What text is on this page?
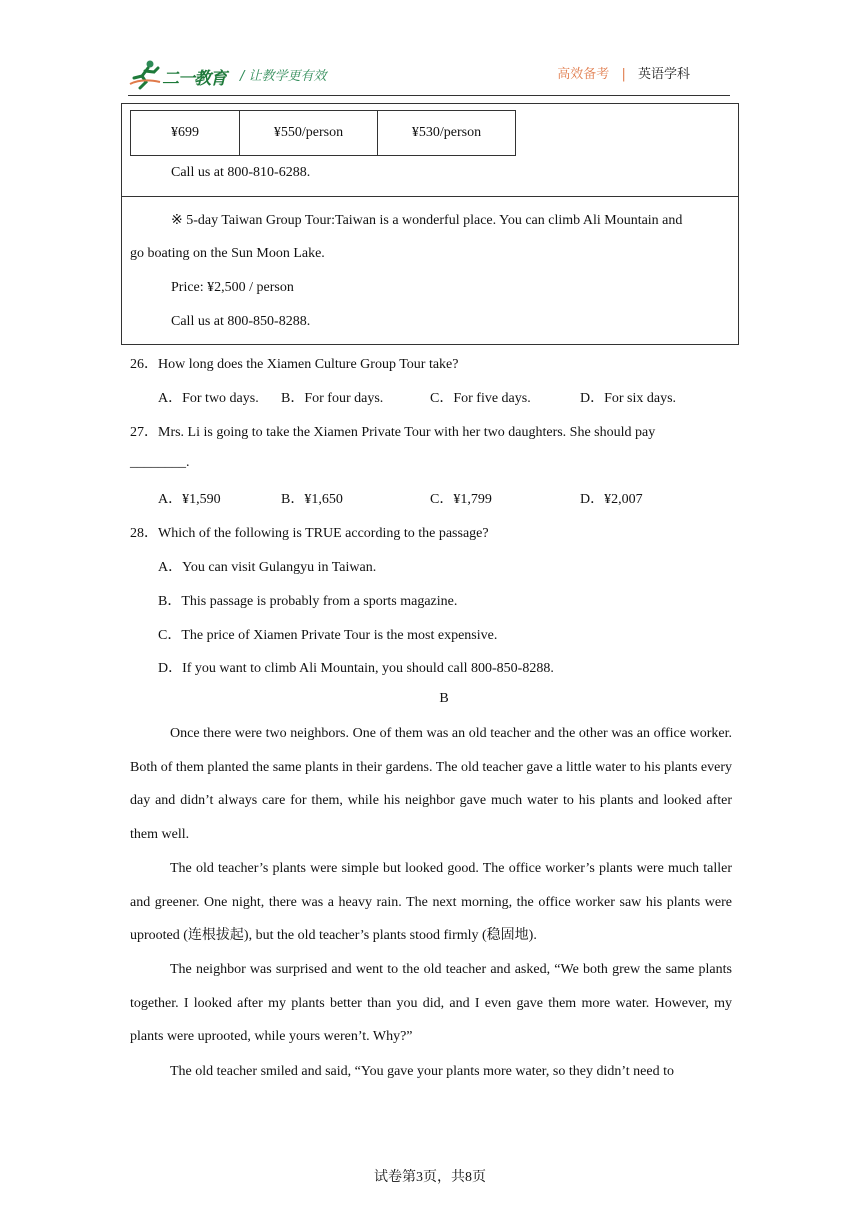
二一教育 / 让教学更有效	高效备考 | 英语学科
¥699	¥550/person	¥530/person

Call us at 800-810-6288.

※ 5-day Taiwan Group Tour:Taiwan is a wonderful place. You can climb Ali Mountain and

go boating on the Sun Moon Lake.

Price: ¥2,500 / person

Call us at 800-850-8288.

26．How long does the Xiamen Culture Group Tour take?

A．For two days. B．For four days.	C．For five days.	D．For six days.

27．Mrs. Li is going to take the Xiamen Private Tour with her two daughters. She should pay

________.

A．¥1,590	B．¥1,650	C．¥1,799	D．¥2,007

28．Which of the following is TRUE according to the passage?

A．You can visit Gulangyu in Taiwan.

B．This passage is probably from a sports magazine.

C．The price of Xiamen Private Tour is the most expensive.

D．If you want to climb Ali Mountain, you should call 800-850-8288.

B

Once there were two neighbors. One of them was an old teacher and the other was an office worker. Both of them planted the same plants in their gardens. The old teacher gave a little water to his plants every day and didn’t always care for them, while his neighbor gave much water to his plants and looked after them well.

The old teacher’s plants were simple but looked good. The office worker’s plants were much taller and greener. One night, there was a heavy rain. The next morning, the office worker saw his plants were uprooted (连根拔起), but the old teacher’s plants stood firmly (稳固地).

The neighbor was surprised and went to the old teacher and asked, “We both grew the same plants together. I looked after my plants better than you did, and I even gave them more water. However, my plants were uprooted, while yours weren’t. Why?”

The old teacher smiled and said, “You gave your plants more water, so they didn’t need to

试卷第3页，共8页
